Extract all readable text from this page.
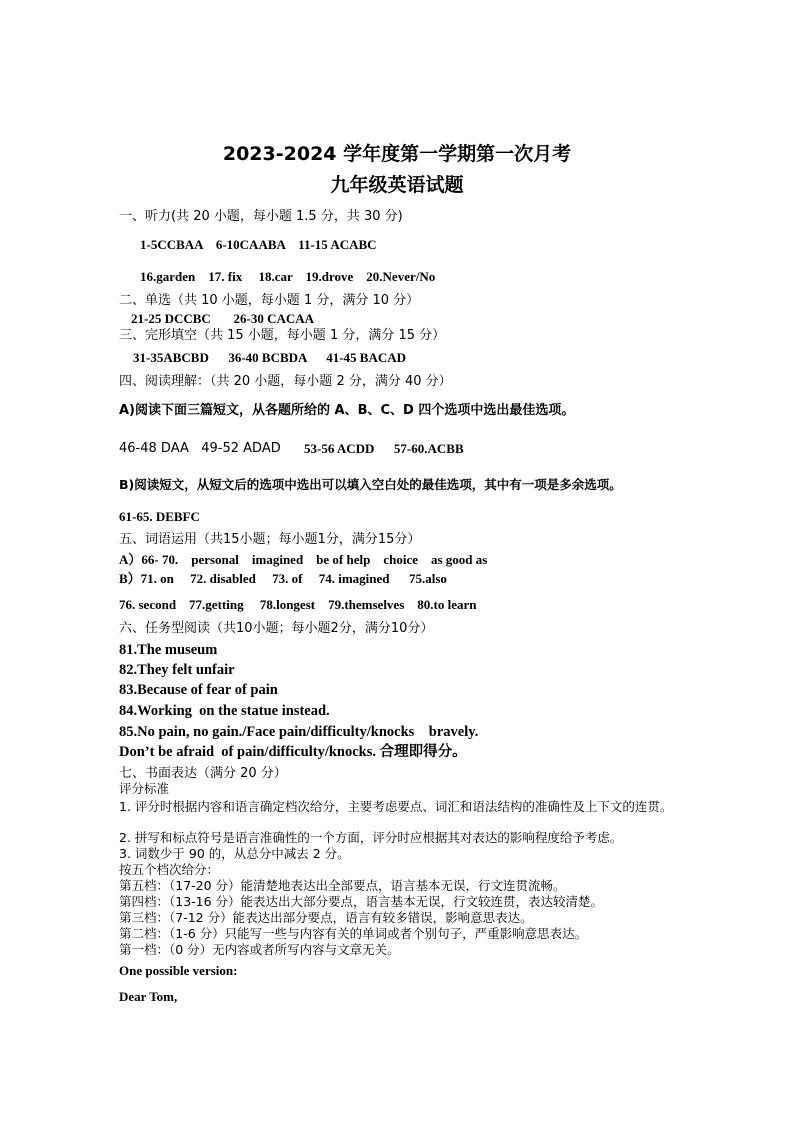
2023-2024 学年度第一学期第一次月考
九年级英语试题
一、听力(共 20 小题，每小题 1.5 分，共 30 分)
1-5CCBAA    6-10CAABA    11-15 ACABC
16.garden    17. fix     18.car    19.drove    20.Never/No
二、单选（共 10 小题，每小题 1 分，满分 10 分）
21-25 DCCBC       26-30 CACAA
三、完形填空（共 15 小题，每小题 1 分，满分 15 分）
31-35ABCBD      36-40 BCBDA      41-45 BACAD
四、阅读理解：（共 20 小题，每小题 2 分，满分 40 分）
A)阅读下面三篇短文，从各题所给的 A、B、C、D 四个选项中选出最佳选项。
46-48 DAA   49-52 ADAD 53-56 ACDD      57-60.ACBB
B)阅读短文，从短文后的选项中选出可以填入空白处的最佳选项，其中有一项是多余选项。
61-65. DEBFC
五、词语运用（共15小题；每小题1分，满分15分）
A）66- 70.    personal    imagined    be of help    choice    as good as
B）71. on     72. disabled     73. of     74. imagined      75.also
76. second    77.getting     78.longest    79.themselves    80.to learn
六、任务型阅读（共10小题；每小题2分，满分10分）
81.The museum
82.They felt unfair
83.Because of fear of pain
84.Working  on the statue instead.
85.No pain, no gain./Face pain/difficulty/knocks    bravely.
Don’t be afraid  of pain/difficulty/knocks. 合理即得分。
七、书面表达（满分 20 分）
评分标准
1. 评分时根据内容和语言确定档次给分，主要考虑要点、词汇和语法结构的准确性及上下文的连贯。
2. 拼写和标点符号是语言准确性的一个方面，评分时应根据其对表达的影响程度给予考虑。
3. 词数少于 90 的，从总分中减去 2 分。
按五个档次给分：
第五档：（17-20 分）能清楚地表达出全部要点，语言基本无误，行文连贯流畅。
第四档：（13-16 分）能表达出大部分要点，语言基本无误，行文较连贯，表达较清楚。
第三档：（7-12 分）能表达出部分要点，语言有较多错误，影响意思表达。
第二档：（1-6 分）只能写一些与内容有关的单词或者个别句子，严重影响意思表达。
第一档：（0 分）无内容或者所写内容与文章无关。
One possible version:
Dear Tom,
